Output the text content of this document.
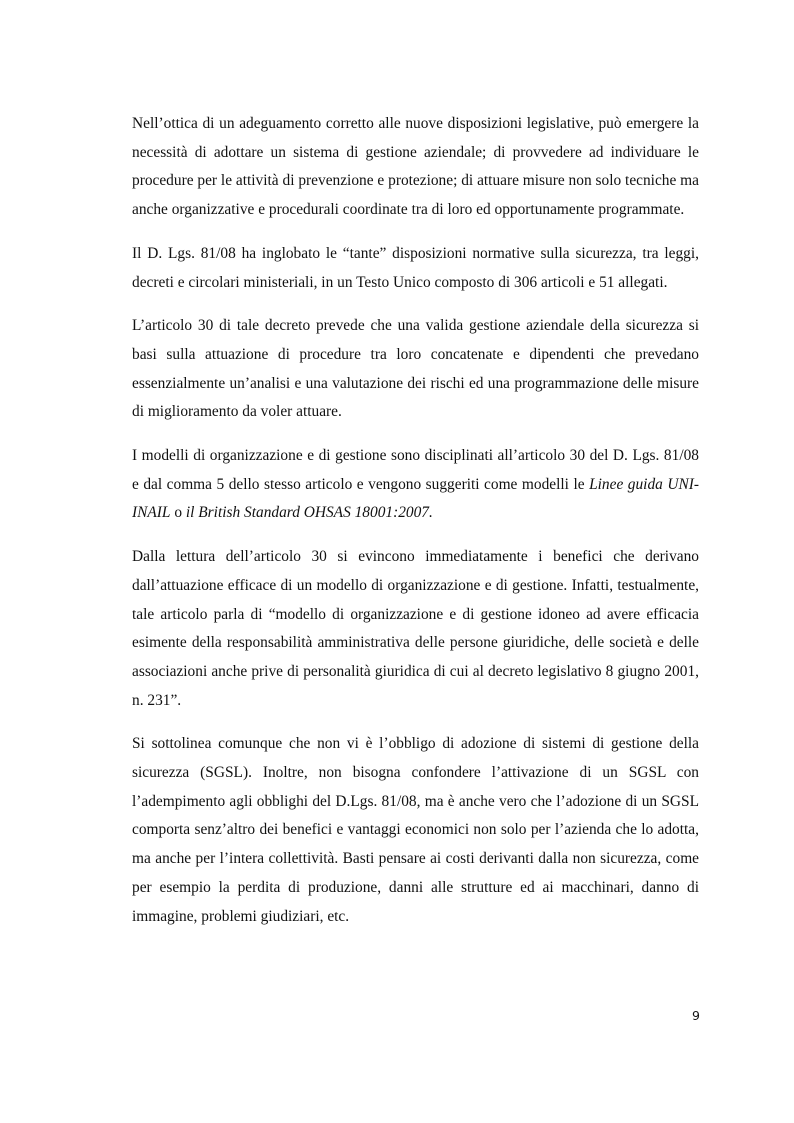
Nell’ottica di un adeguamento corretto alle nuove disposizioni legislative, può emergere la necessità di adottare un sistema di gestione aziendale; di provvedere ad individuare le procedure per le attività di prevenzione e protezione; di attuare misure non solo tecniche ma anche organizzative e procedurali coordinate tra di loro ed opportunamente programmate.

Il D. Lgs. 81/08 ha inglobato le “tante” disposizioni normative sulla sicurezza, tra leggi, decreti e circolari ministeriali, in un Testo Unico composto di 306 articoli e 51 allegati.

L’articolo 30 di tale decreto prevede che una valida gestione aziendale della sicurezza si basi sulla attuazione di procedure tra loro concatenate e dipendenti che prevedano essenzialmente un’analisi e una valutazione dei rischi ed una programmazione delle misure di miglioramento da voler attuare.

I modelli di organizzazione e di gestione sono disciplinati all’articolo 30 del D. Lgs. 81/08 e dal comma 5 dello stesso articolo e vengono suggeriti come modelli le Linee guida UNI-INAIL o il British Standard OHSAS 18001:2007.

Dalla lettura dell’articolo 30 si evincono immediatamente i benefici che derivano dall’attuazione efficace di un modello di organizzazione e di gestione. Infatti, testualmente, tale articolo parla di “modello di organizzazione e di gestione idoneo ad avere efficacia esimente della responsabilità amministrativa delle persone giuridiche, delle società e delle associazioni anche prive di personalità giuridica di cui al decreto legislativo 8 giugno 2001, n. 231”.

Si sottolinea comunque che non vi è l’obbligo di adozione di sistemi di gestione della sicurezza (SGSL). Inoltre, non bisogna confondere l’attivazione di un SGSL con l’adempimento agli obblighi del D.Lgs. 81/08, ma è anche vero che l’adozione di un SGSL comporta senz’altro dei benefici e vantaggi economici non solo per l’azienda che lo adotta, ma anche per l’intera collettività. Basti pensare ai costi derivanti dalla non sicurezza, come per esempio la perdita di produzione, danni alle strutture ed ai macchinari, danno di immagine, problemi giudiziari, etc.

9
